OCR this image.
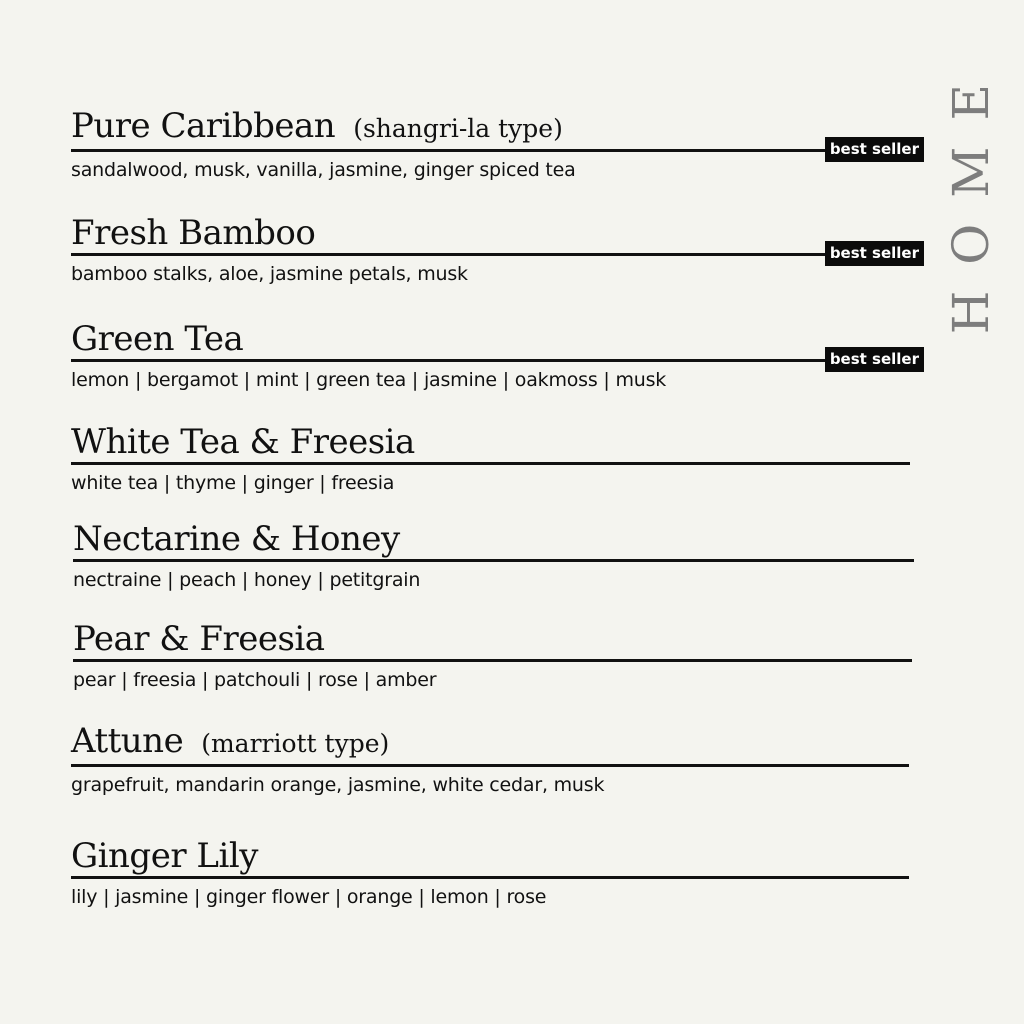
Pure Caribbean (shangri-la type)
best seller
sandalwood, musk, vanilla, jasmine, ginger spiced tea
Fresh Bamboo	best seller
bamboo stalks, aloe, jasmine petals, musk
Green Tea	best seller
lemon | bergamot | mint | green tea | jasmine | oakmoss | musk
White Tea & Freesia
white tea | thyme | ginger | freesia
Nectarine & Honey
nectraine | peach | honey | petitgrain
Pear & Freesia
pear | freesia | patchouli | rose | amber
Attune (marriott type)
grapefruit, mandarin orange, jasmine, white cedar, musk
Ginger Lily
lily | jasmine | ginger flower | orange | lemon | rose
HOME
